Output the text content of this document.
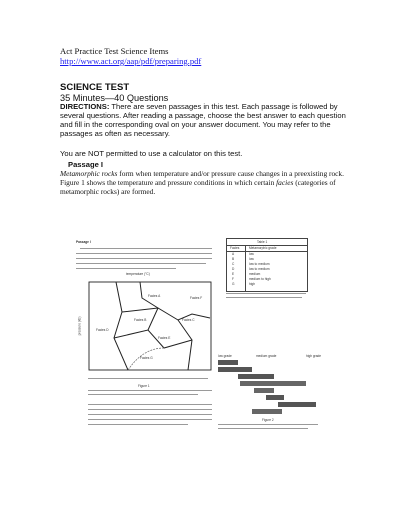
Act Practice Test Science Items
http://www.act.org/aap/pdf/preparing.pdf
SCIENCE TEST
35 Minutes—40 Questions
DIRECTIONS: There are seven passages in this test. Each passage is followed by several questions. After reading a passage, choose the best answer to each question and fill in the corresponding oval on your answer document. You may refer to the passages as often as necessary.
You are NOT permitted to use a calculator on this test.
Passage I
Metamorphic rocks form when temperature and/or pressure cause changes in a preexisting rock. Figure 1 shows the temperature and pressure conditions in which certain facies (categories of metamorphic rocks) are formed.
Passage I	Table 1
Facies	Metamorphic grade
A	low
B	low
C	low to medium
D	low to medium
E	medium
F	medium to high
G	high
temperature (°C)
pressure (kb)
Facies A
Facies B	Facies C
Facies D
Facies E
Facies F
Facies G
Figure 1
low grade	medium grade	high grade
Figure 2
